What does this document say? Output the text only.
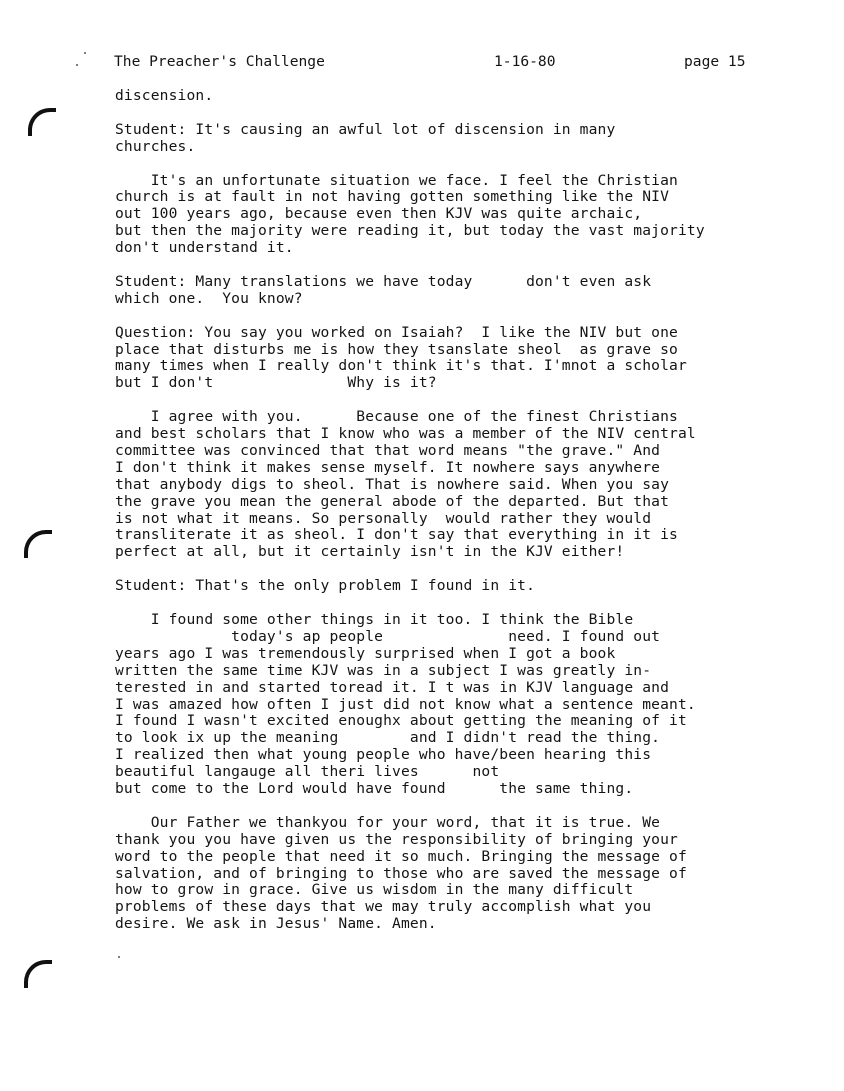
The Preacher's Challenge	1-16-80	page 15

discension.

Student: It's causing an awful lot of discension in many
churches.

It's an unfortunate situation we face. I feel the Christian
church is at fault in not having gotten something like the NIV
out 100 years ago, because even then KJV was quite archaic,
but then the majority were reading it, but today the vast majority
don't understand it.

Student: Many translations we have today      don't even ask
which one.  You know?

Question: You say you worked on Isaiah?  I like the NIV but one
place that disturbs me is how they tsanslate sheol  as grave so
many times when I really don't think it's that. I'mnot a scholar
but I don't               Why is it?

I agree with you.      Because one of the finest Christians
and best scholars that I know who was a member of the NIV central
committee was convinced that that word means "the grave." And
I don't think it makes sense myself. It nowhere says anywhere
that anybody digs to sheol. That is nowhere said. When you say
the grave you mean the general abode of the departed. But that
is not what it means. So personally  would rather they would
transliterate it as sheol. I don't say that everything in it is
perfect at all, but it certainly isn't in the KJV either!

Student: That's the only problem I found in it.

I found some other things in it too. I think the Bible
today's ap people              need. I found out
years ago I was tremendously surprised when I got a book
written the same time KJV was in a subject I was greatly in-
terested in and started toread it. I t was in KJV language and
I was amazed how often I just did not know what a sentence meant.
I found I wasn't excited enoughx about getting the meaning of it
to look ix up the meaning        and I didn't read the thing.
I realized then what young people who have/been hearing this
beautiful langauge all theri lives      not
but come to the Lord would have found      the same thing.

Our Father we thankyou for your word, that it is true. We
thank you you have given us the responsibility of bringing your
word to the people that need it so much. Bringing the message of
salvation, and of bringing to those who are saved the message of
how to grow in grace. Give us wisdom in the many difficult
problems of these days that we may truly accomplish what you
desire. We ask in Jesus' Name. Amen.
